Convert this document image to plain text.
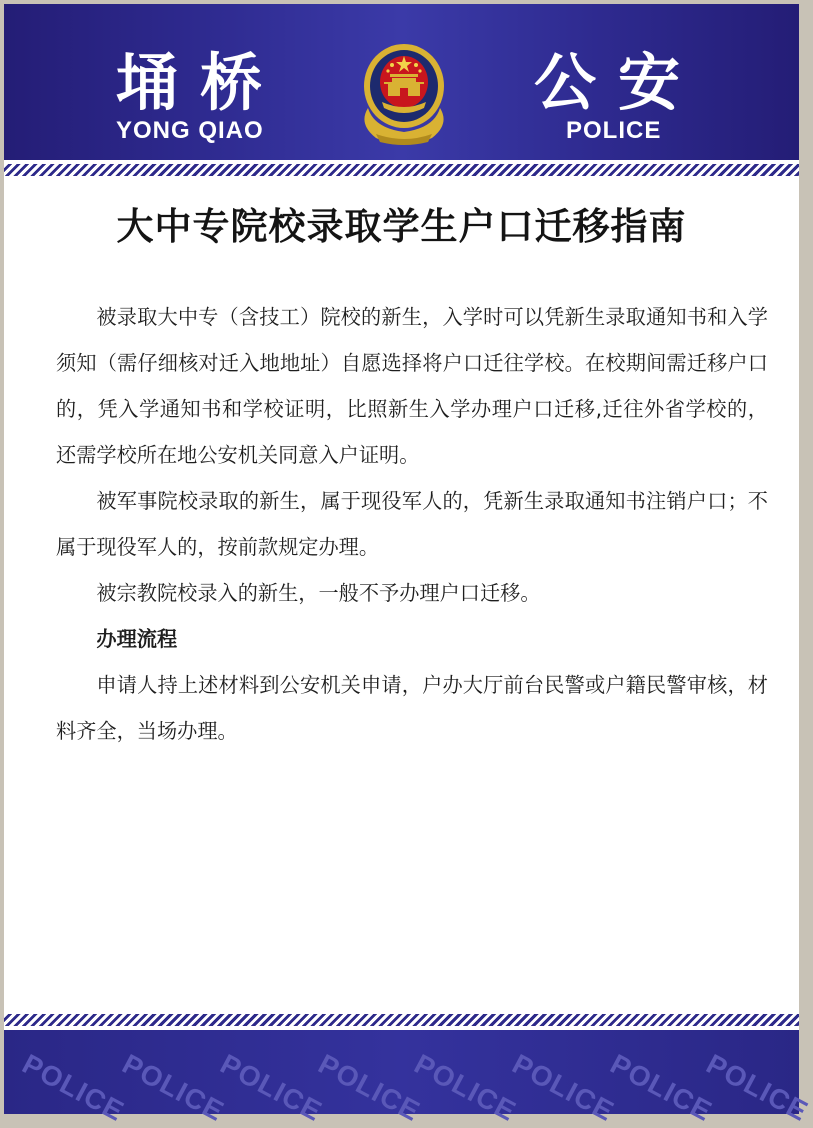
埇桥
YONG QIAO
公安
POLICE
大中专院校录取学生户口迁移指南

被录取大中专（含技工）院校的新生，入学时可以凭新生录取通知书和入学须知（需仔细核对迁入地地址）自愿选择将户口迁往学校。在校期间需迁移户口的，凭入学通知书和学校证明，比照新生入学办理户口迁移,迁往外省学校的，还需学校所在地公安机关同意入户证明。

被军事院校录取的新生，属于现役军人的，凭新生录取通知书注销户口；不属于现役军人的，按前款规定办理。

被宗教院校录入的新生，一般不予办理户口迁移。

办理流程

申请人持上述材料到公安机关申请，户办大厅前台民警或户籍民警审核，材料齐全，当场办理。

POLICE
POLICE
POLICE
POLICE
POLICE
POLICE
POLICE
POLICE
